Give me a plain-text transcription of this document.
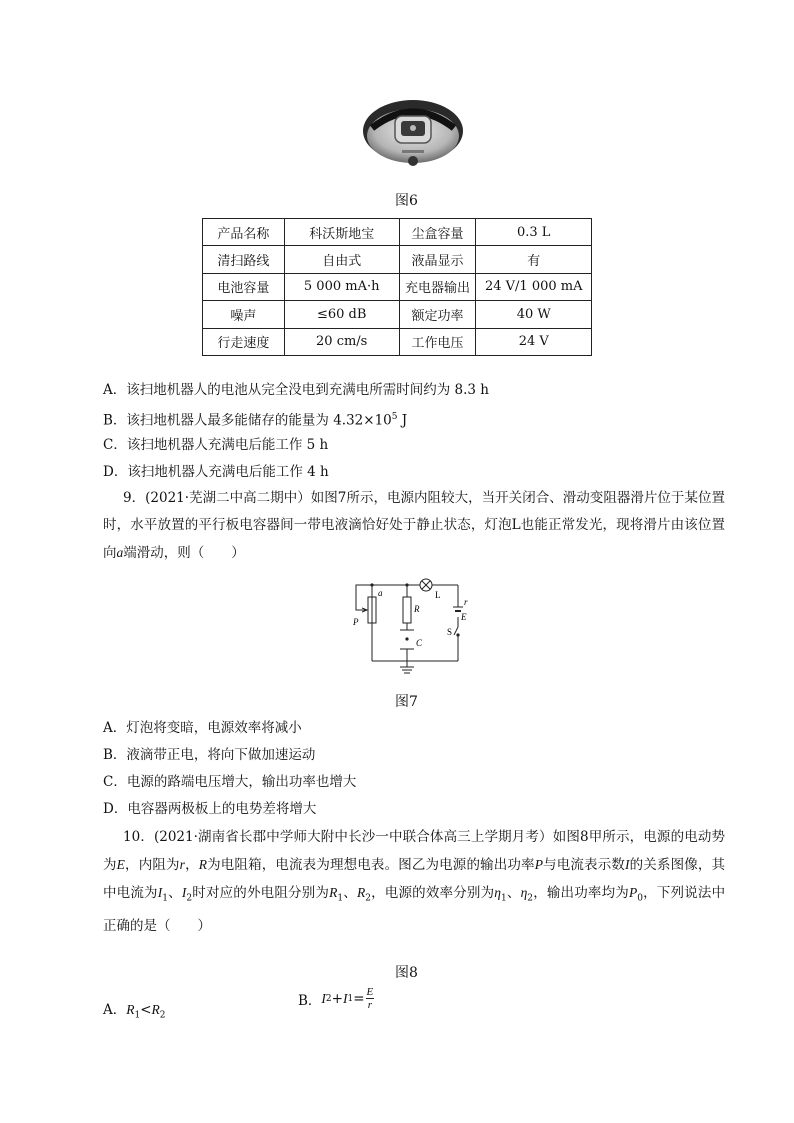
图6
产品名称	科沃斯地宝	尘盒容量	0.3 L
清扫路线	自由式	液晶显示	有
电池容量	5 000 mA·h	充电器输出	24 V/1 000 mA
噪声	≤60 dB	额定功率	40 W
行走速度	20 cm/s	工作电压	24 V
A．该扫地机器人的电池从完全没电到充满电所需时间约为 8.3 h
B．该扫地机器人最多能储存的能量为 $4.32\times 10^5$ J
C．该扫地机器人充满电后能工作 5 h
D．该扫地机器人充满电后能工作 4 h
9．(2021·芜湖二中高二期中）如图7所示，电源内阻较大，当开关闭合、滑动变阻器滑片位于某位置时，水平放置的平行板电容器间一带电液滴恰好处于静止状态，灯泡L也能正常发光，现将滑片由该位置向a端滑动，则（　　）
a
R
L
r
E
S
P
C
图7
A．灯泡将变暗，电源效率将减小
B．液滴带正电，将向下做加速运动
C．电源的路端电压增大，输出功率也增大
D．电容器两极板上的电势差将增大
10．(2021·湖南省长郡中学师大附中长沙一中联合体高三上学期月考）如图8甲所示，电源的电动势为E，内阻为r，R为电阻箱，电流表为理想电表。图乙为电源的输出功率P与电流表示数I的关系图像，其中电流为$I_1$、$I_2$时对应的外电阻分别为$R_1$、$R_2$，电源的效率分别为$\eta_1$、$\eta_2$，输出功率均为$P_0$，下列说法中正确的是（　　）
图8
A．$R_1<R_2$
B． I 2 + I $1 = \frac{E}{r}$
